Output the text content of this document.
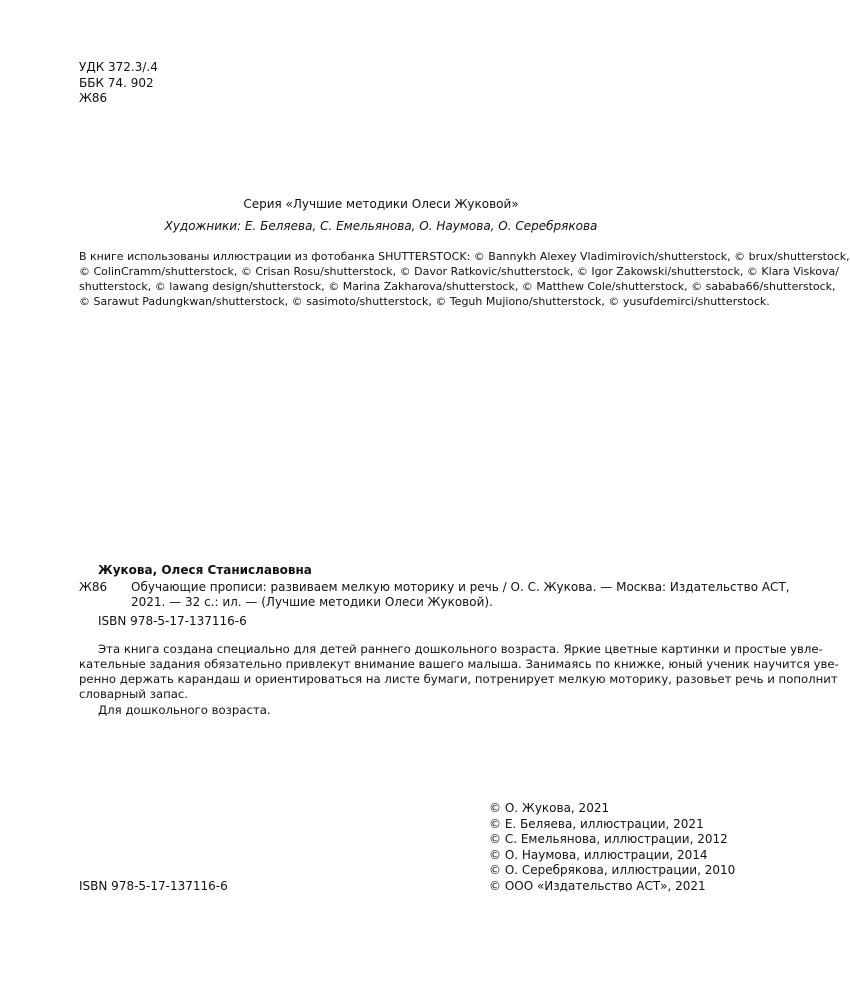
УДК 372.3/.4
ББК 74. 902
Ж86
Серия «Лучшие методики Олеси Жуковой»
Художники: Е. Беляева, С. Емельянова, О. Наумова, О. Серебрякова
В книге использованы иллюстрации из фотобанка SHUTTERSTOCK: © Bannykh Alexey Vladimirovich/shutterstock, © brux/shutterstock,
© ColinCramm/shutterstock, © Crisan Rosu/shutterstock, © Davor Ratkovic/shutterstock, © Igor Zakowski/shutterstock, © Klara Viskova/
shutterstock, © lawang design/shutterstock, © Marina Zakharova/shutterstock, © Matthew Cole/shutterstock, © sababa66/shutterstock,
© Sarawut Padungkwan/shutterstock, © sasimoto/shutterstock, © Teguh Mujiono/shutterstock, © yusufdemirci/shutterstock.
Жукова, Олеся Станиславовна
Ж86 Обучающие прописи: развиваем мелкую моторику и речь / О. С. Жукова. — Москва: Издательство АСТ,
2021. — 32 с.: ил. — (Лучшие методики Олеси Жуковой).
ISBN 978-5-17-137116-6
Эта книга создана специально для детей раннего дошкольного возраста. Яркие цветные картинки и простые увле-
кательные задания обязательно привлекут внимание вашего малыша. Занимаясь по книжке, юный ученик научится уве-
ренно держать карандаш и ориентироваться на листе бумаги, потренирует мелкую моторику, разовьет речь и пополнит
словарный запас.
Для дошкольного возраста.
© О. Жукова, 2021
© Е. Беляева, иллюстрации, 2021
© С. Емельянова, иллюстрации, 2012
© О. Наумова, иллюстрации, 2014
© О. Серебрякова, иллюстрации, 2010
© ООО «Издательство АСТ», 2021
ISBN 978-5-17-137116-6
